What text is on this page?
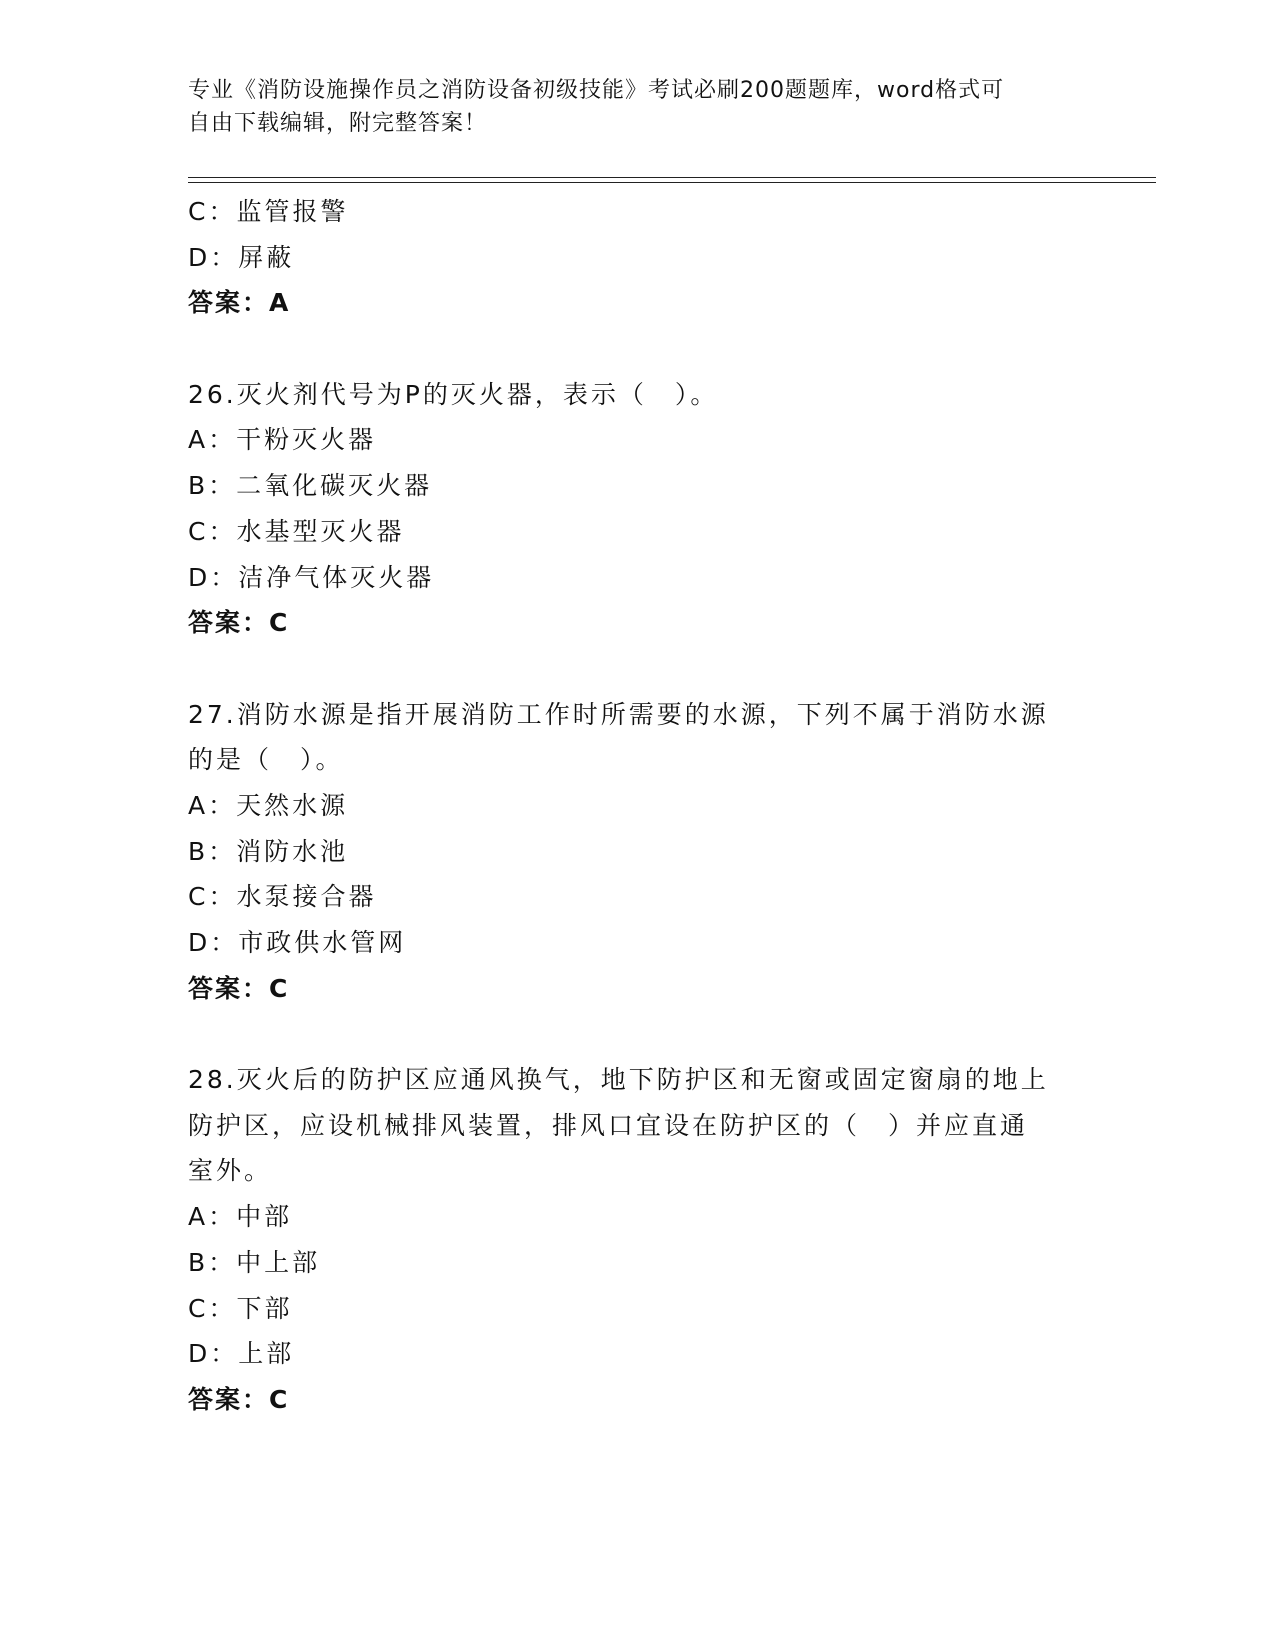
专业《消防设施操作员之消防设备初级技能》考试必刷200题题库，word格式可
自由下载编辑，附完整答案！
C：监管报警
D：屏蔽
答案：A
26.灭火剂代号为P的灭火器，表示（　）。
A：干粉灭火器
B：二氧化碳灭火器
C：水基型灭火器
D：洁净气体灭火器
答案：C
27.消防水源是指开展消防工作时所需要的水源，下列不属于消防水源
的是（　）。
A：天然水源
B：消防水池
C：水泵接合器
D：市政供水管网
答案：C
28.灭火后的防护区应通风换气，地下防护区和无窗或固定窗扇的地上
防护区，应设机械排风装置，排风口宜设在防护区的（　）并应直通
室外。
A：中部
B：中上部
C：下部
D：上部
答案：C
